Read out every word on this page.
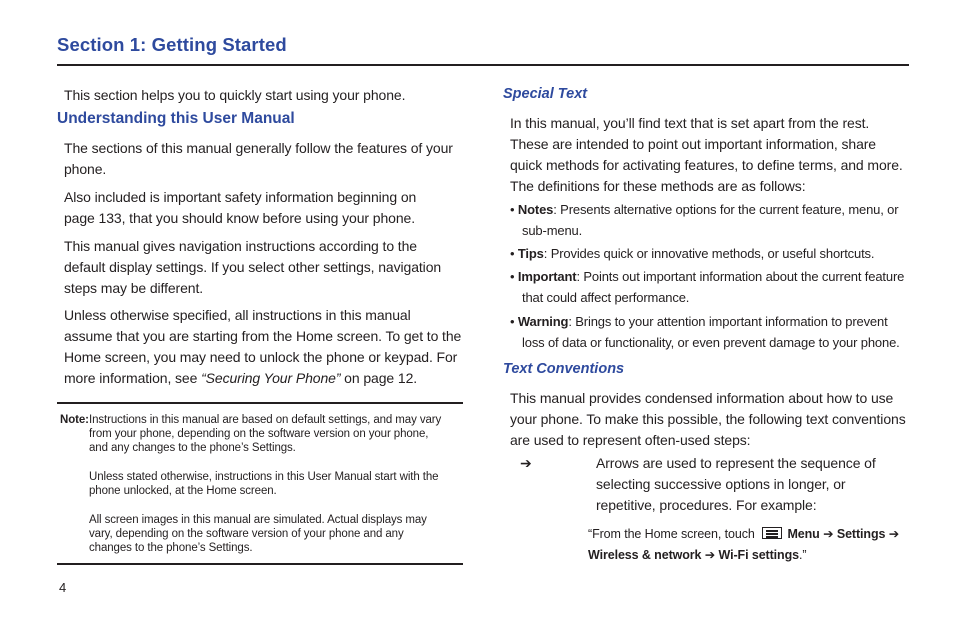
Section 1: Getting Started
This section helps you to quickly start using your phone.
Understanding this User Manual
The sections of this manual generally follow the features of your
phone.
Also included is important safety information beginning on
page 133, that you should know before using your phone.
This manual gives navigation instructions according to the
default display settings. If you select other settings, navigation
steps may be different.
Unless otherwise specified, all instructions in this manual
assume that you are starting from the Home screen. To get to the
Home screen, you may need to unlock the phone or keypad. For
more information, see “Securing Your Phone” on page 12.
Note: Instructions in this manual are based on default settings, and may vary
from your phone, depending on the software version on your phone,
and any changes to the phone’s Settings.
Unless stated otherwise, instructions in this User Manual start with the
phone unlocked, at the Home screen.
All screen images in this manual are simulated. Actual displays may
vary, depending on the software version of your phone and any
changes to the phone’s Settings.
Special Text
In this manual, you’ll find text that is set apart from the rest.
These are intended to point out important information, share
quick methods for activating features, to define terms, and more.
The definitions for these methods are as follows:
• Notes: Presents alternative options for the current feature, menu, or
sub-menu.
• Tips: Provides quick or innovative methods, or useful shortcuts.
• Important: Points out important information about the current feature
that could affect performance.
• Warning: Brings to your attention important information to prevent
loss of data or functionality, or even prevent damage to your phone.
Text Conventions
This manual provides condensed information about how to use
your phone. To make this possible, the following text conventions
are used to represent often-used steps:
➔	Arrows are used to represent the sequence of
selecting successive options in longer, or
repetitive, procedures. For example:
“From the Home screen, touch	Menu ➔ Settings ➔
Wireless & network ➔ Wi-Fi settings.”
4
